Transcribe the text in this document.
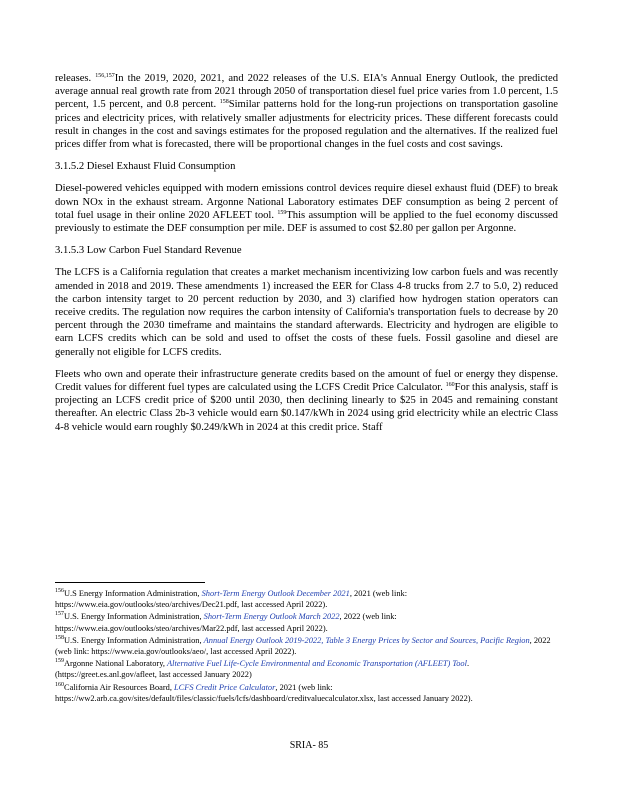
releases. $^{156,157}$In the 2019, 2020, 2021, and 2022 releases of the U.S. EIA's Annual Energy Outlook, the predicted average annual real growth rate from 2021 through 2050 of transportation diesel fuel price varies from 1.0 percent, 1.5 percent, 1.5 percent, and 0.8 percent. $^{158}$Similar patterns hold for the long-run projections on transportation gasoline prices and electricity prices, with relatively smaller adjustments for electricity prices. These different forecasts could result in changes in the cost and savings estimates for the proposed regulation and the alternatives. If the realized fuel prices differ from what is forecasted, there will be proportional changes in the fuel costs and cost savings.

3.1.5.2 Diesel Exhaust Fluid Consumption

Diesel-powered vehicles equipped with modern emissions control devices require diesel exhaust fluid (DEF) to break down NOx in the exhaust stream. Argonne National Laboratory estimates DEF consumption as being 2 percent of total fuel usage in their online 2020 AFLEET tool. $^{159}$This assumption will be applied to the fuel economy discussed previously to estimate the DEF consumption per mile. DEF is assumed to cost $2.80 per gallon per Argonne.

3.1.5.3 Low Carbon Fuel Standard Revenue

The LCFS is a California regulation that creates a market mechanism incentivizing low carbon fuels and was recently amended in 2018 and 2019. These amendments 1) increased the EER for Class 4-8 trucks from 2.7 to 5.0, 2) reduced the carbon intensity target to 20 percent reduction by 2030, and 3) clarified how hydrogen station operators can receive credits. The regulation now requires the carbon intensity of California's transportation fuels to decrease by 20 percent through the 2030 timeframe and maintains the standard afterwards. Electricity and hydrogen are eligible to earn LCFS credits which can be sold and used to offset the costs of these fuels. Fossil gasoline and diesel are generally not eligible for LCFS credits.

Fleets who own and operate their infrastructure generate credits based on the amount of fuel or energy they dispense. Credit values for different fuel types are calculated using the LCFS Credit Price Calculator. $^{160}$For this analysis, staff is projecting an LCFS credit price of $200 until 2030, then declining linearly to $25 in 2045 and remaining constant thereafter. An electric Class 2b-3 vehicle would earn $0.147/kWh in 2024 using grid electricity while an electric Class 4-8 vehicle would earn roughly $0.249/kWh in 2024 at this credit price. Staff

$^{156}$U.S Energy Information Administration, Short-Term Energy Outlook December 2021, 2021 (web link: https://www.eia.gov/outlooks/steo/archives/Dec21.pdf, last accessed April 2022).

$^{157}$U.S. Energy Information Administration, Short-Term Energy Outlook March 2022, 2022 (web link: https://www.eia.gov/outlooks/steo/archives/Mar22.pdf, last accessed April 2022).

$^{158}$U.S. Energy Information Administration, Annual Energy Outlook 2019-2022, Table 3 Energy Prices by Sector and Sources, Pacific Region, 2022 (web link: https://www.eia.gov/outlooks/aeo/, last accessed April 2022).

$^{159}$Argonne National Laboratory, Alternative Fuel Life-Cycle Environmental and Economic Transportation (AFLEET) Tool. (https://greet.es.anl.gov/afleet, last accessed January 2022)

$^{160}$California Air Resources Board, LCFS Credit Price Calculator, 2021 (web link: https://ww2.arb.ca.gov/sites/default/files/classic/fuels/lcfs/dashboard/creditvaluecalculator.xlsx, last accessed January 2022).

SRIA- 85
